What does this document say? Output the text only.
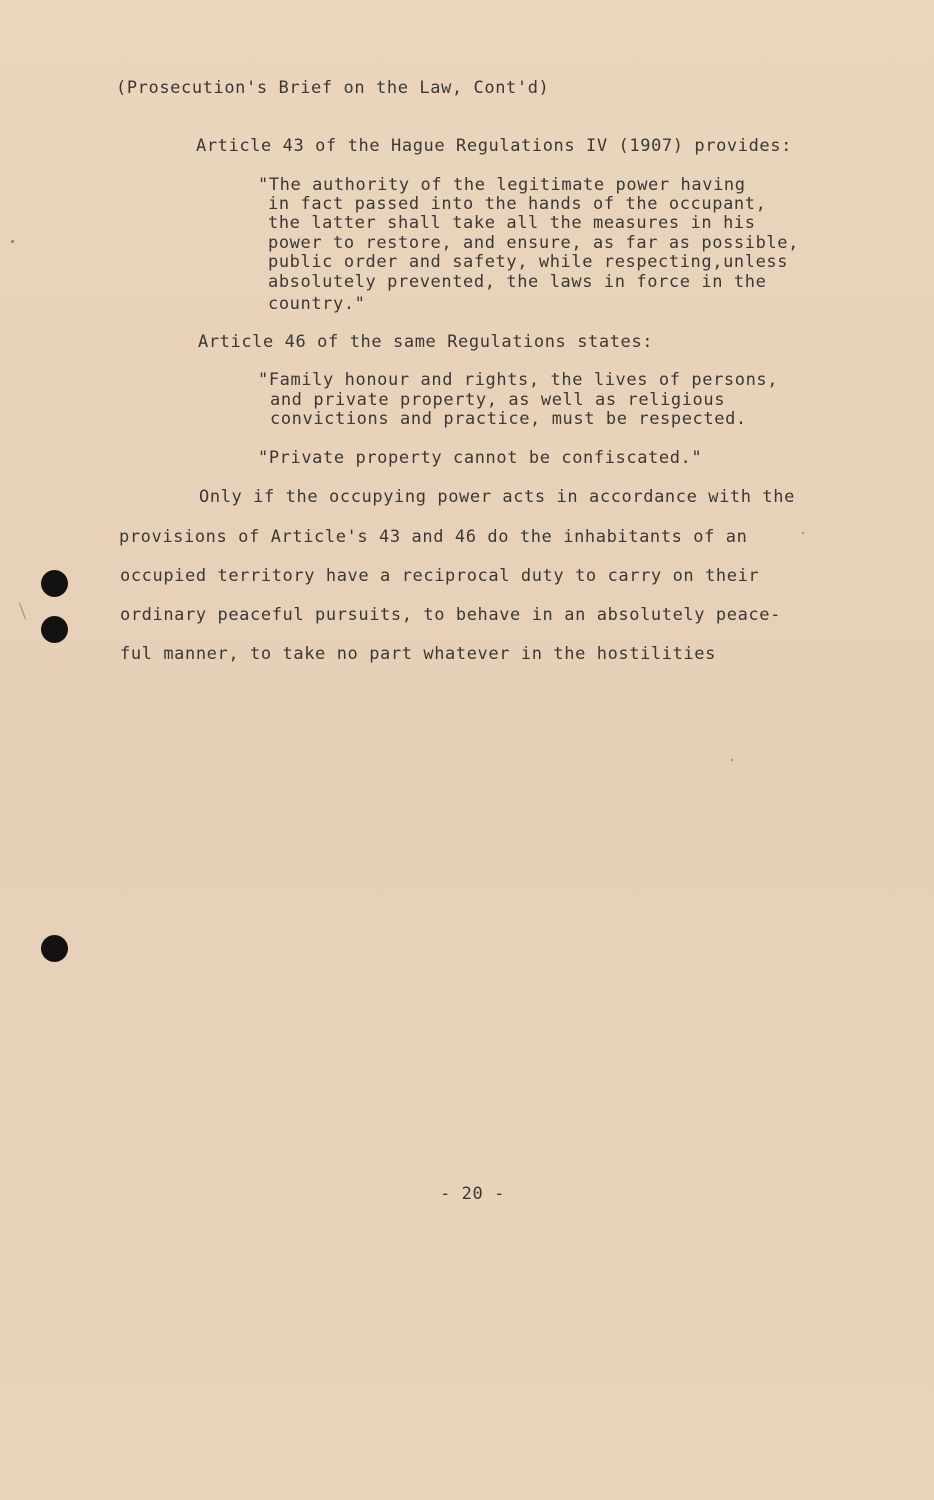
(Prosecution's Brief on the Law, Cont'd)
Article 43 of the Hague Regulations IV (1907) provides:
"The authority of the legitimate power having
in fact passed into the hands of the occupant,
the latter shall take all the measures in his
power to restore, and ensure, as far as possible,
public order and safety, while respecting,unless
absolutely prevented, the laws in force in the
country."
Article 46 of the same Regulations states:
"Family honour and rights, the lives of persons,
and private property, as well as religious
convictions and practice, must be respected.
"Private property cannot be confiscated."
Only if the occupying power acts in accordance with the
provisions of Article's 43 and 46 do the inhabitants of an
occupied territory have a reciprocal duty to carry on their
ordinary peaceful pursuits, to behave in an absolutely peace-
ful manner, to take no part whatever in the hostilities
- 20 -
